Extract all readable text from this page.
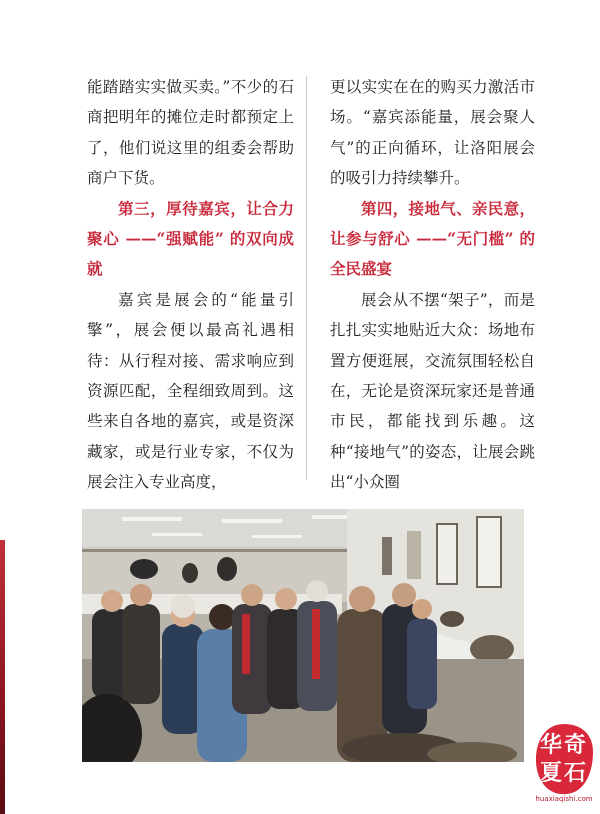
能踏踏实实做买卖。”不少的石商把明年的摊位走时都预定上了，他们说这里的组委会帮助商户下货。

第三，厚待嘉宾，让合力聚心 ——“强赋能” 的双向成就

嘉宾是展会的“能量引擎”，展会便以最高礼遇相待：从行程对接、需求响应到资源匹配，全程细致周到。这些来自各地的嘉宾，或是资深藏家，或是行业专家，不仅为展会注入专业高度，

更以实实在在的购买力激活市场。“嘉宾添能量，展会聚人气”的正向循环，让洛阳展会的吸引力持续攀升。

第四，接地气、亲民意，让参与舒心 ——“无门槛” 的全民盛宴

展会从不摆“架子”，而是扎扎实实地贴近大众：场地布置方便逛展，交流氛围轻松自在，无论是资深玩家还是普通市民，都能找到乐趣。这种“接地气”的姿态，让展会跳出“小众圈

华奇
夏石
huaxiaqishi.com
